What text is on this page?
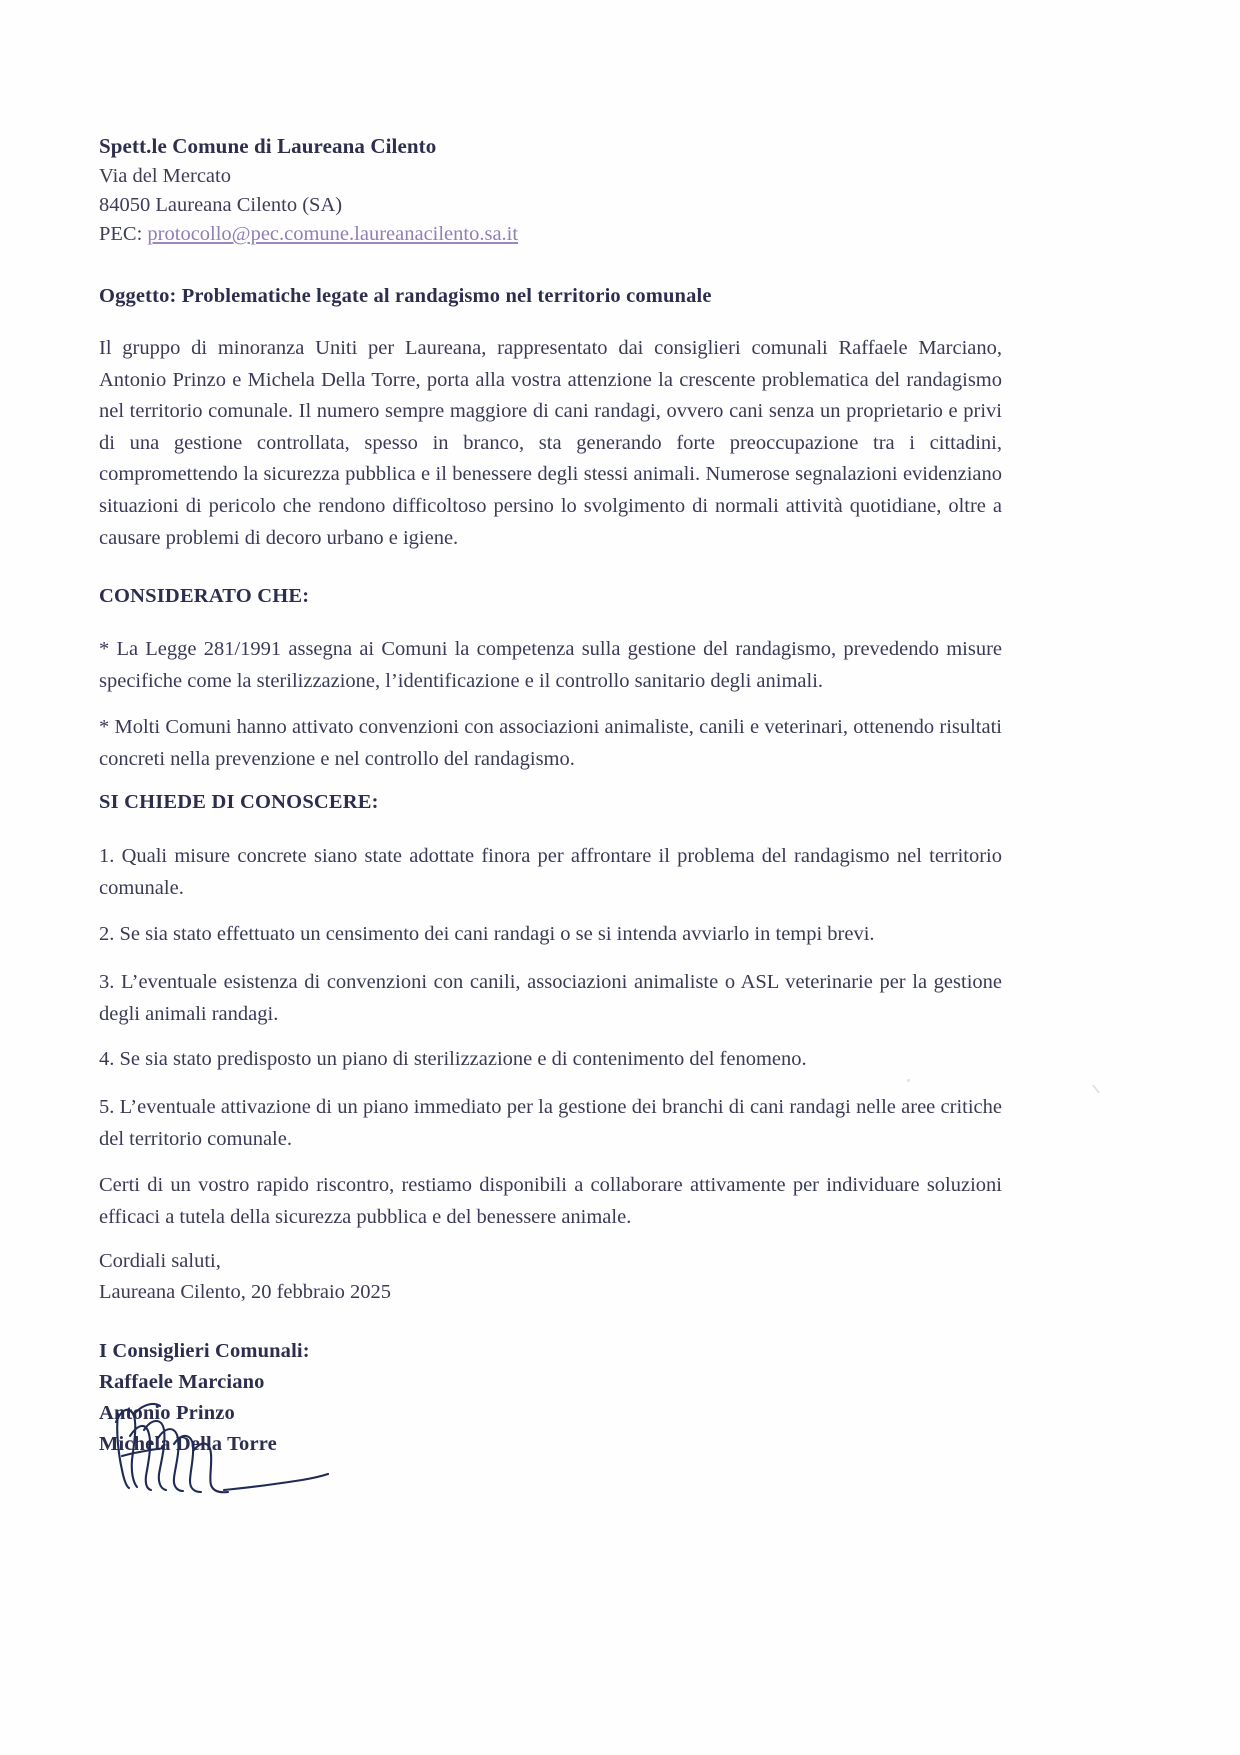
Spett.le Comune di Laureana Cilento
Via del Mercato
84050 Laureana Cilento (SA)
PEC: protocollo@pec.comune.laureanacilento.sa.it
Oggetto: Problematiche legate al randagismo nel territorio comunale
Il gruppo di minoranza Uniti per Laureana, rappresentato dai consiglieri comunali Raffaele Marciano, Antonio Prinzo e Michela Della Torre, porta alla vostra attenzione la crescente problematica del randagismo nel territorio comunale. Il numero sempre maggiore di cani randagi, ovvero cani senza un proprietario e privi di una gestione controllata, spesso in branco, sta generando forte preoccupazione tra i cittadini, compromettendo la sicurezza pubblica e il benessere degli stessi animali. Numerose segnalazioni evidenziano situazioni di pericolo che rendono difficoltoso persino lo svolgimento di normali attività quotidiane, oltre a causare problemi di decoro urbano e igiene.
CONSIDERATO CHE:
* La Legge 281/1991 assegna ai Comuni la competenza sulla gestione del randagismo, prevedendo misure specifiche come la sterilizzazione, l’identificazione e il controllo sanitario degli animali.
* Molti Comuni hanno attivato convenzioni con associazioni animaliste, canili e veterinari, ottenendo risultati concreti nella prevenzione e nel controllo del randagismo.
SI CHIEDE DI CONOSCERE:
1. Quali misure concrete siano state adottate finora per affrontare il problema del randagismo nel territorio comunale.
2. Se sia stato effettuato un censimento dei cani randagi o se si intenda avviarlo in tempi brevi.
3. L’eventuale esistenza di convenzioni con canili, associazioni animaliste o ASL veterinarie per la gestione degli animali randagi.
4. Se sia stato predisposto un piano di sterilizzazione e di contenimento del fenomeno.
5. L’eventuale attivazione di un piano immediato per la gestione dei branchi di cani randagi nelle aree critiche del territorio comunale.
Certi di un vostro rapido riscontro, restiamo disponibili a collaborare attivamente per individuare soluzioni efficaci a tutela della sicurezza pubblica e del benessere animale.
Cordiali saluti,
Laureana Cilento, 20 febbraio 2025
I Consiglieri Comunali:
Raffaele Marciano
Antonio Prinzo
Michela Della Torre
